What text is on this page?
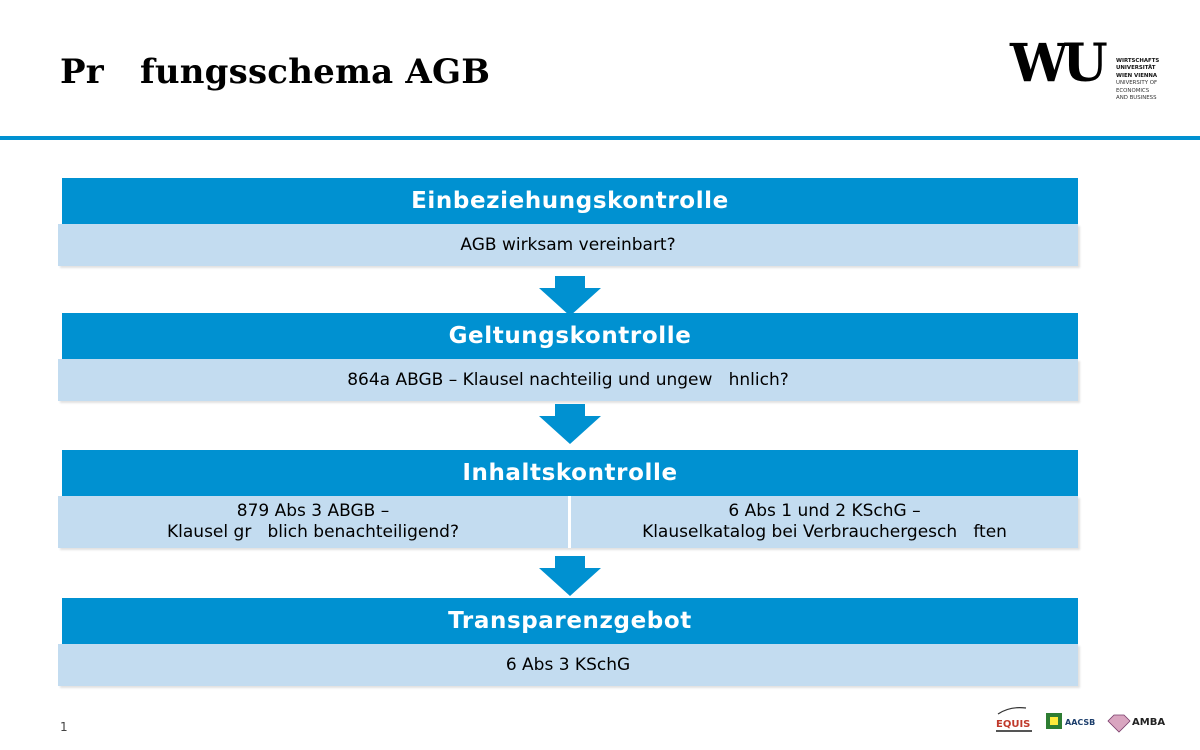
Pr   fungsschema AGB	WU	WIRTSCHAFTS
UNIVERSITÄT
WIEN VIENNA
UNIVERSITY OF
ECONOMICS
AND BUSINESS
Einbeziehungskontrolle
AGB wirksam vereinbart?
Geltungskontrolle
864a ABGB – Klausel nachteilig und ungew   hnlich?
Inhaltskontrolle

879 Abs 3 ABGB –
Klausel gr   blich benachteiligend?

6 Abs 1 und 2 KSchG –
Klauselkatalog bei Verbrauchergesch   ften

Transparenzgebot
6 Abs 3 KSchG
1	EQUIS	AACSB	AMBA
